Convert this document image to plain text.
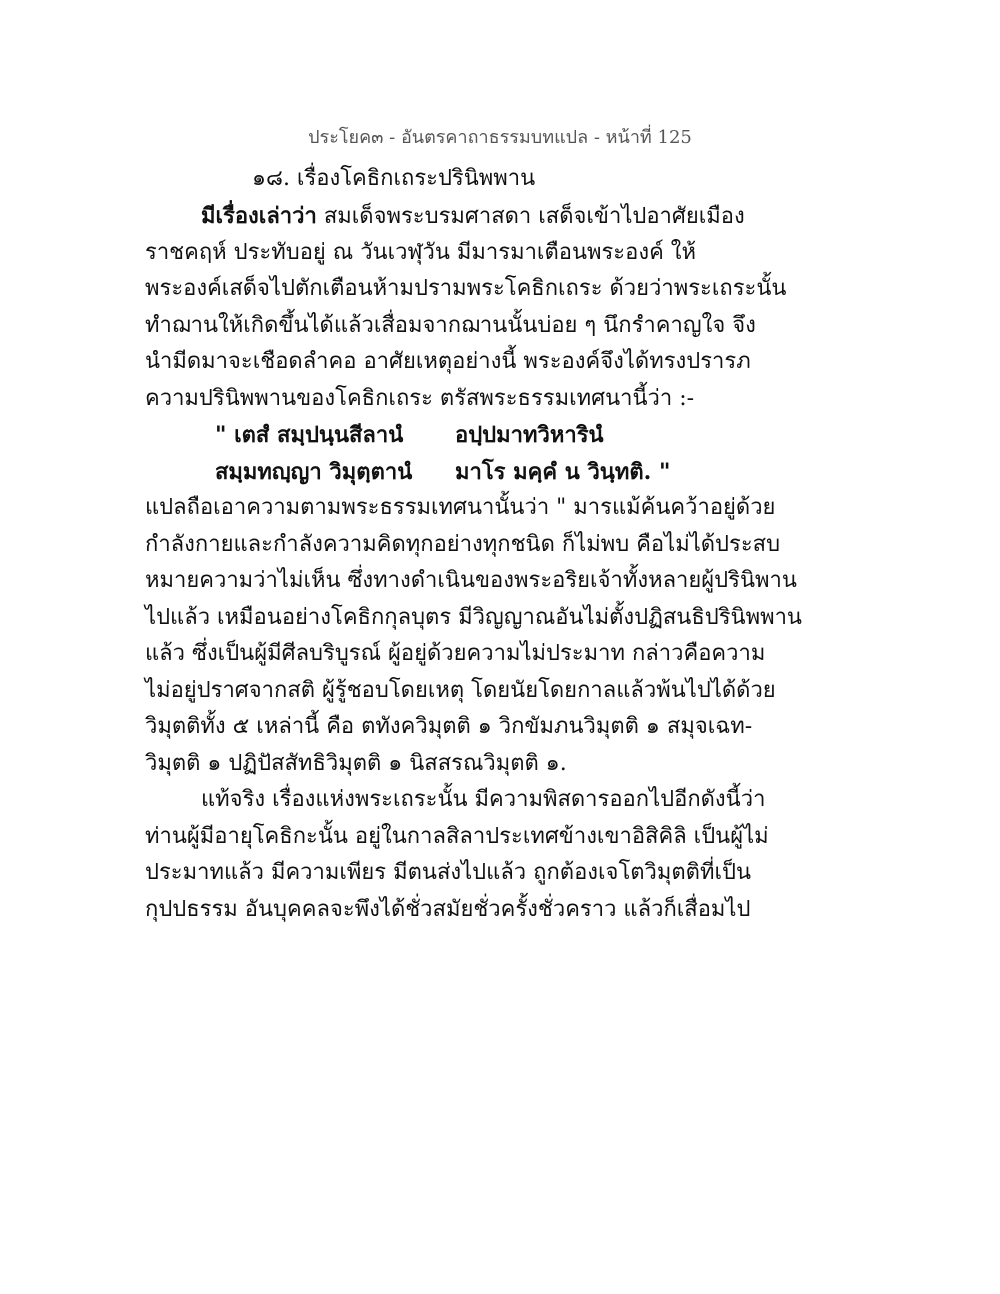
ประโยค๓ - อันตรคาถาธรรมบทแปล - หน้าที่ 125
๑๘. เรื่องโคธิกเถระปรินิพพาน
มีเรื่องเล่าว่า สมเด็จพระบรมศาสดา เสด็จเข้าไปอาศัยเมือง
ราชคฤห์ ประทับอยู่ ณ วันเวฬุวัน มีมารมาเตือนพระองค์ ให้
พระองค์เสด็จไปตักเตือนห้ามปรามพระโคธิกเถระ ด้วยว่าพระเถระนั้น
ทำฌานให้เกิดขึ้นได้แล้วเสื่อมจากฌานนั้นบ่อย ๆ นึกรำคาญใจ จึง
นำมีดมาจะเชือดลำคอ อาศัยเหตุอย่างนี้ พระองค์จึงได้ทรงปรารภ
ความปรินิพพานของโคธิกเถระ ตรัสพระธรรมเทศนานี้ว่า :-
" เตสํ สมฺปนฺนสีลานํ	อปฺปมาทวิหารินํ
สมฺมทญฺญา วิมุตฺตานํ	มาโร มคฺคํ น วินฺทติ. "
แปลถือเอาความตามพระธรรมเทศนานั้นว่า " มารแม้ค้นคว้าอยู่ด้วย
กำลังกายและกำลังความคิดทุกอย่างทุกชนิด ก็ไม่พบ คือไม่ได้ประสบ
หมายความว่าไม่เห็น ซึ่งทางดำเนินของพระอริยเจ้าทั้งหลายผู้ปรินิพาน
ไปแล้ว เหมือนอย่างโคธิกกุลบุตร มีวิญญาณอันไม่ตั้งปฏิสนธิปรินิพพาน
แล้ว ซึ่งเป็นผู้มีศีลบริบูรณ์ ผู้อยู่ด้วยความไม่ประมาท กล่าวคือความ
ไม่อยู่ปราศจากสติ ผู้รู้ชอบโดยเหตุ โดยนัยโดยกาลแล้วพ้นไปได้ด้วย
วิมุตติทั้ง ๕ เหล่านี้ คือ ตทังควิมุตติ ๑ วิกขัมภนวิมุตติ ๑ สมุจเฉท-
วิมุตติ ๑ ปฏิปัสสัทธิวิมุตติ ๑ นิสสรณวิมุตติ ๑.
แท้จริง เรื่องแห่งพระเถระนั้น มีความพิสดารออกไปอีกดังนี้ว่า
ท่านผู้มีอายุโคธิกะนั้น อยู่ในกาลสิลาประเทศข้างเขาอิสิคิลิ เป็นผู้ไม่
ประมาทแล้ว มีความเพียร มีตนส่งไปแล้ว ถูกต้องเจโตวิมุตติที่เป็น
กุปปธรรม อันบุคคลจะพึงได้ชั่วสมัยชั่วครั้งชั่วคราว แล้วก็เสื่อมไป
